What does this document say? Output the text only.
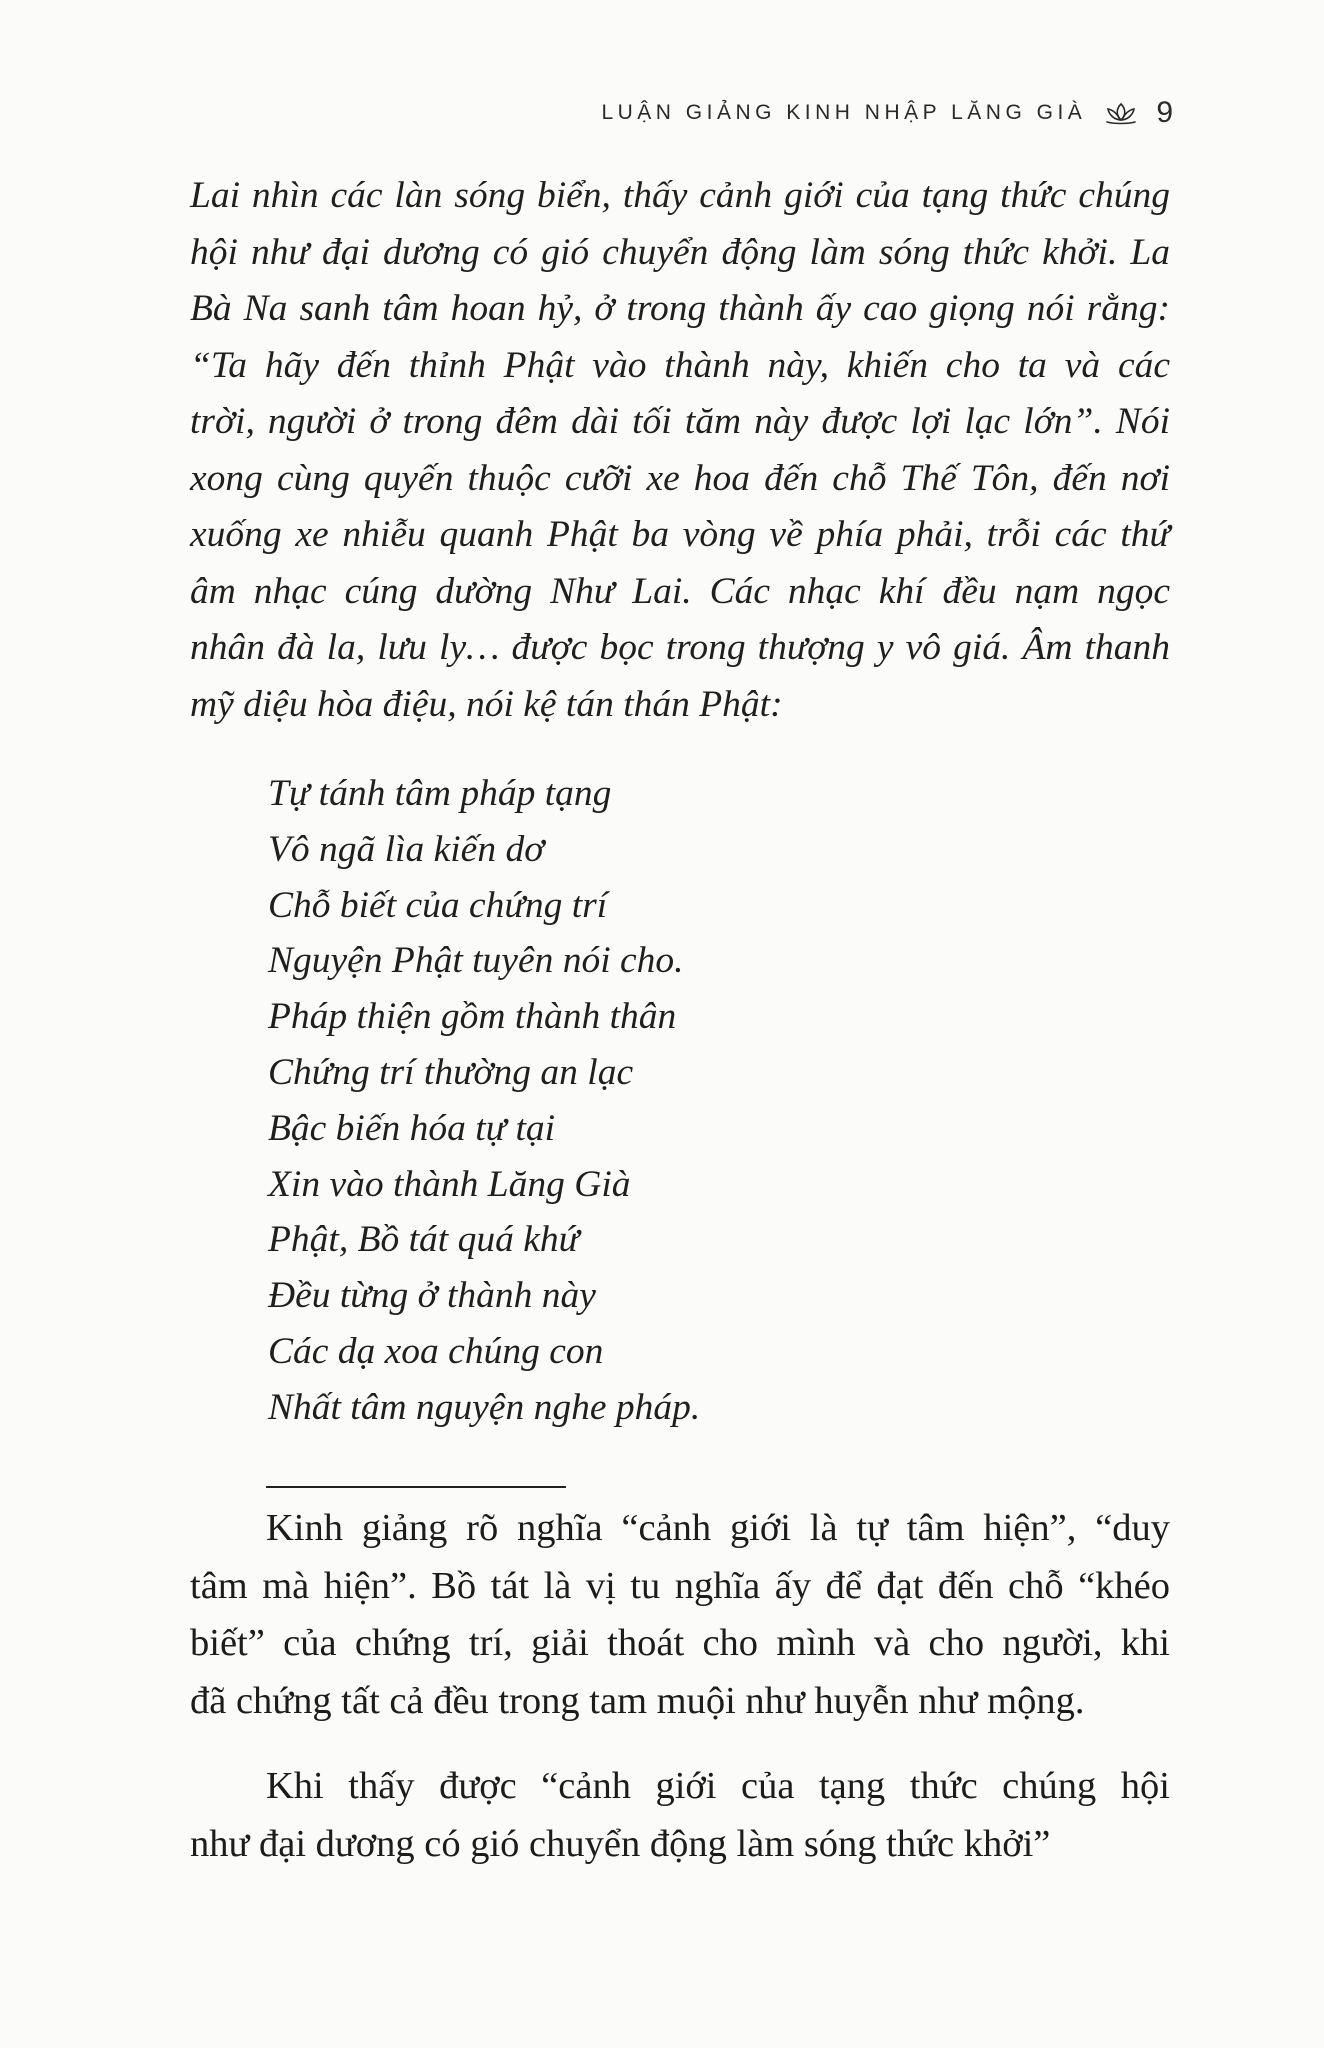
LUẬN GIẢNG KINH NHẬP LĂNG GIÀ 9
Lai nhìn các làn sóng biển, thấy cảnh giới của tạng thức chúng
hội như đại dương có gió chuyển động làm sóng thức khởi. La
Bà Na sanh tâm hoan hỷ, ở trong thành ấy cao giọng nói rằng:
“Ta hãy đến thỉnh Phật vào thành này, khiến cho ta và các
trời, người ở trong đêm dài tối tăm này được lợi lạc lớn”. Nói
xong cùng quyến thuộc cưỡi xe hoa đến chỗ Thế Tôn, đến nơi
xuống xe nhiễu quanh Phật ba vòng về phía phải, trỗi các thứ
âm nhạc cúng dường Như Lai. Các nhạc khí đều nạm ngọc
nhân đà la, lưu ly… được bọc trong thượng y vô giá. Âm thanh
mỹ diệu hòa điệu, nói kệ tán thán Phật:
Tự tánh tâm pháp tạng
Vô ngã lìa kiến dơ
Chỗ biết của chứng trí
Nguyện Phật tuyên nói cho.
Pháp thiện gồm thành thân
Chứng trí thường an lạc
Bậc biến hóa tự tại
Xin vào thành Lăng Già
Phật, Bồ tát quá khứ
Đều từng ở thành này
Các dạ xoa chúng con
Nhất tâm nguyện nghe pháp.

Kinh giảng rõ nghĩa “cảnh giới là tự tâm hiện”, “duy
tâm mà hiện”. Bồ tát là vị tu nghĩa ấy để đạt đến chỗ “khéo
biết” của chứng trí, giải thoát cho mình và cho người, khi
đã chứng tất cả đều trong tam muội như huyễn như mộng.

Khi thấy được “cảnh giới của tạng thức chúng hội
như đại dương có gió chuyển động làm sóng thức khởi”
